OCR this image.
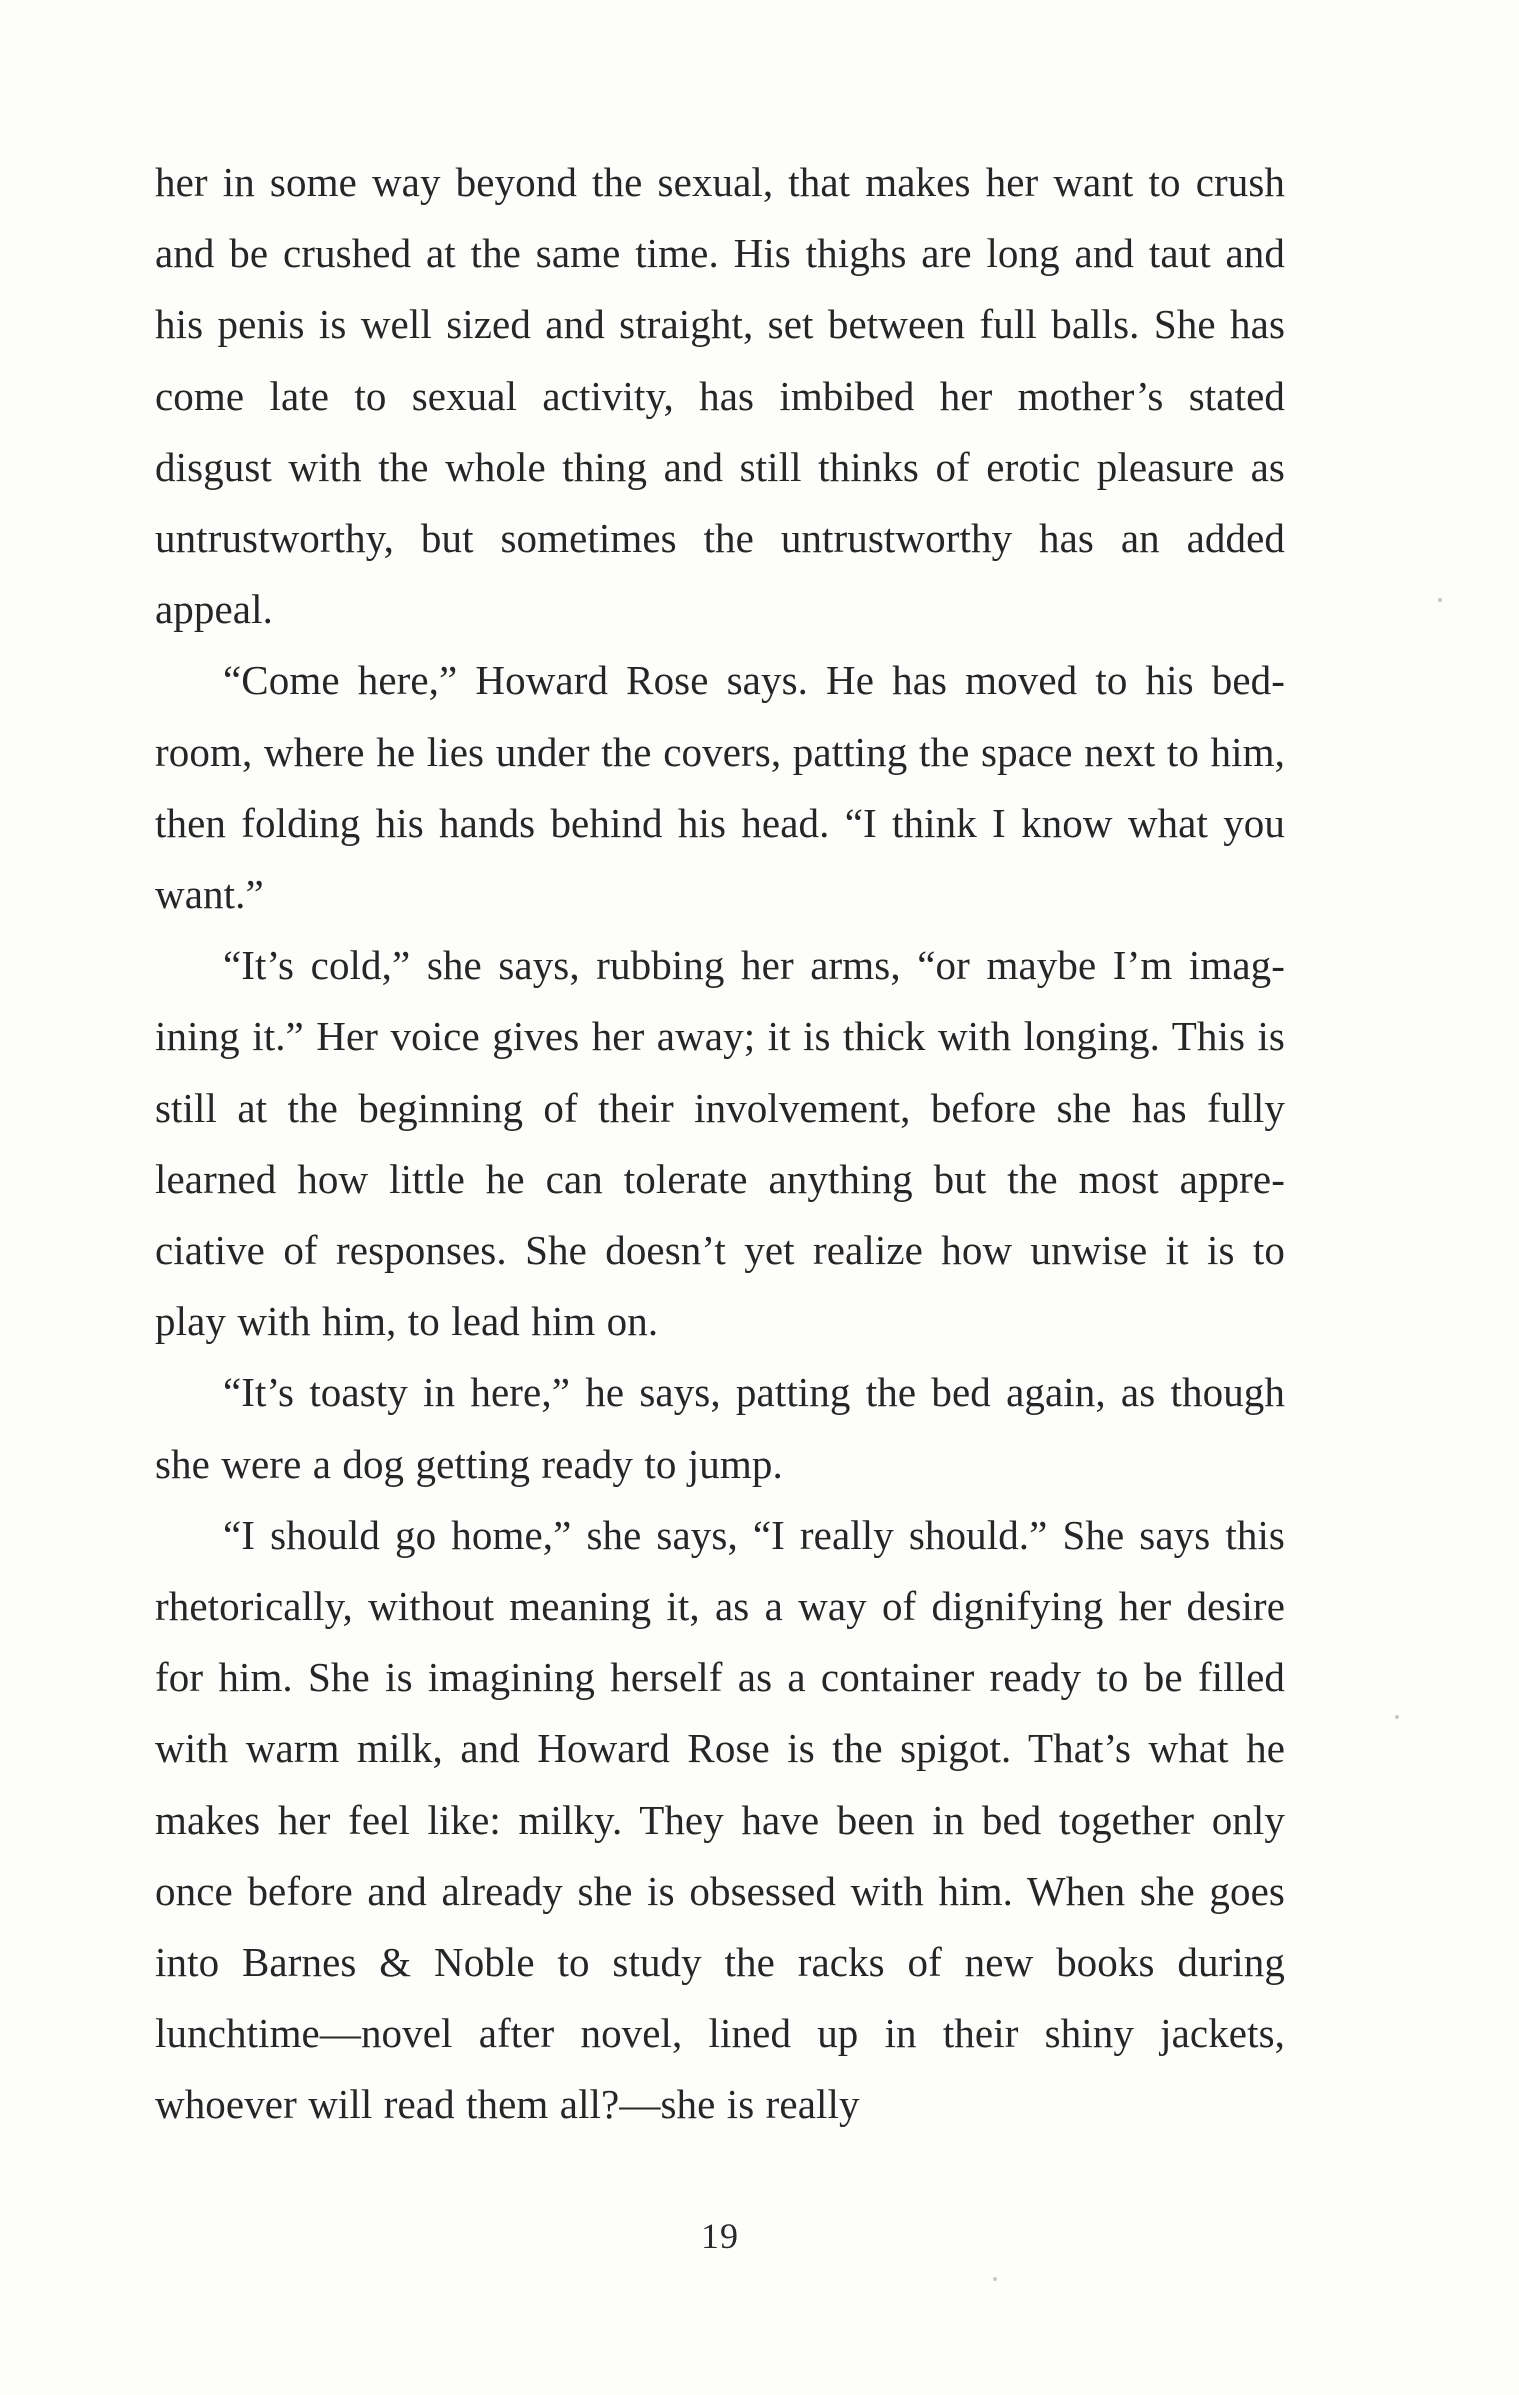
her in some way beyond the sexual, that makes her want to crush and be crushed at the same time. His thighs are long and taut and his penis is well sized and straight, set between full balls. She has come late to sexual activity, has imbibed her mother’s stated disgust with the whole thing and still thinks of erotic pleasure as untrustworthy, but sometimes the untrustworthy has an added appeal.

“Come here,” Howard Rose says. He has moved to his bed-room, where he lies under the covers, patting the space next to him, then folding his hands behind his head. “I think I know what you want.”

“It’s cold,” she says, rubbing her arms, “or maybe I’m imag-ining it.” Her voice gives her away; it is thick with longing. This is still at the beginning of their involvement, before she has fully learned how little he can tolerate anything but the most appre-ciative of responses. She doesn’t yet realize how unwise it is to play with him, to lead him on.

“It’s toasty in here,” he says, patting the bed again, as though she were a dog getting ready to jump.

“I should go home,” she says, “I really should.” She says this rhetorically, without meaning it, as a way of dignifying her desire for him. She is imagining herself as a container ready to be filled with warm milk, and Howard Rose is the spigot. That’s what he makes her feel like: milky. They have been in bed together only once before and already she is obsessed with him. When she goes into Barnes & Noble to study the racks of new books during lunchtime—novel after novel, lined up in their shiny jackets, whoever will read them all?—she is really

19
